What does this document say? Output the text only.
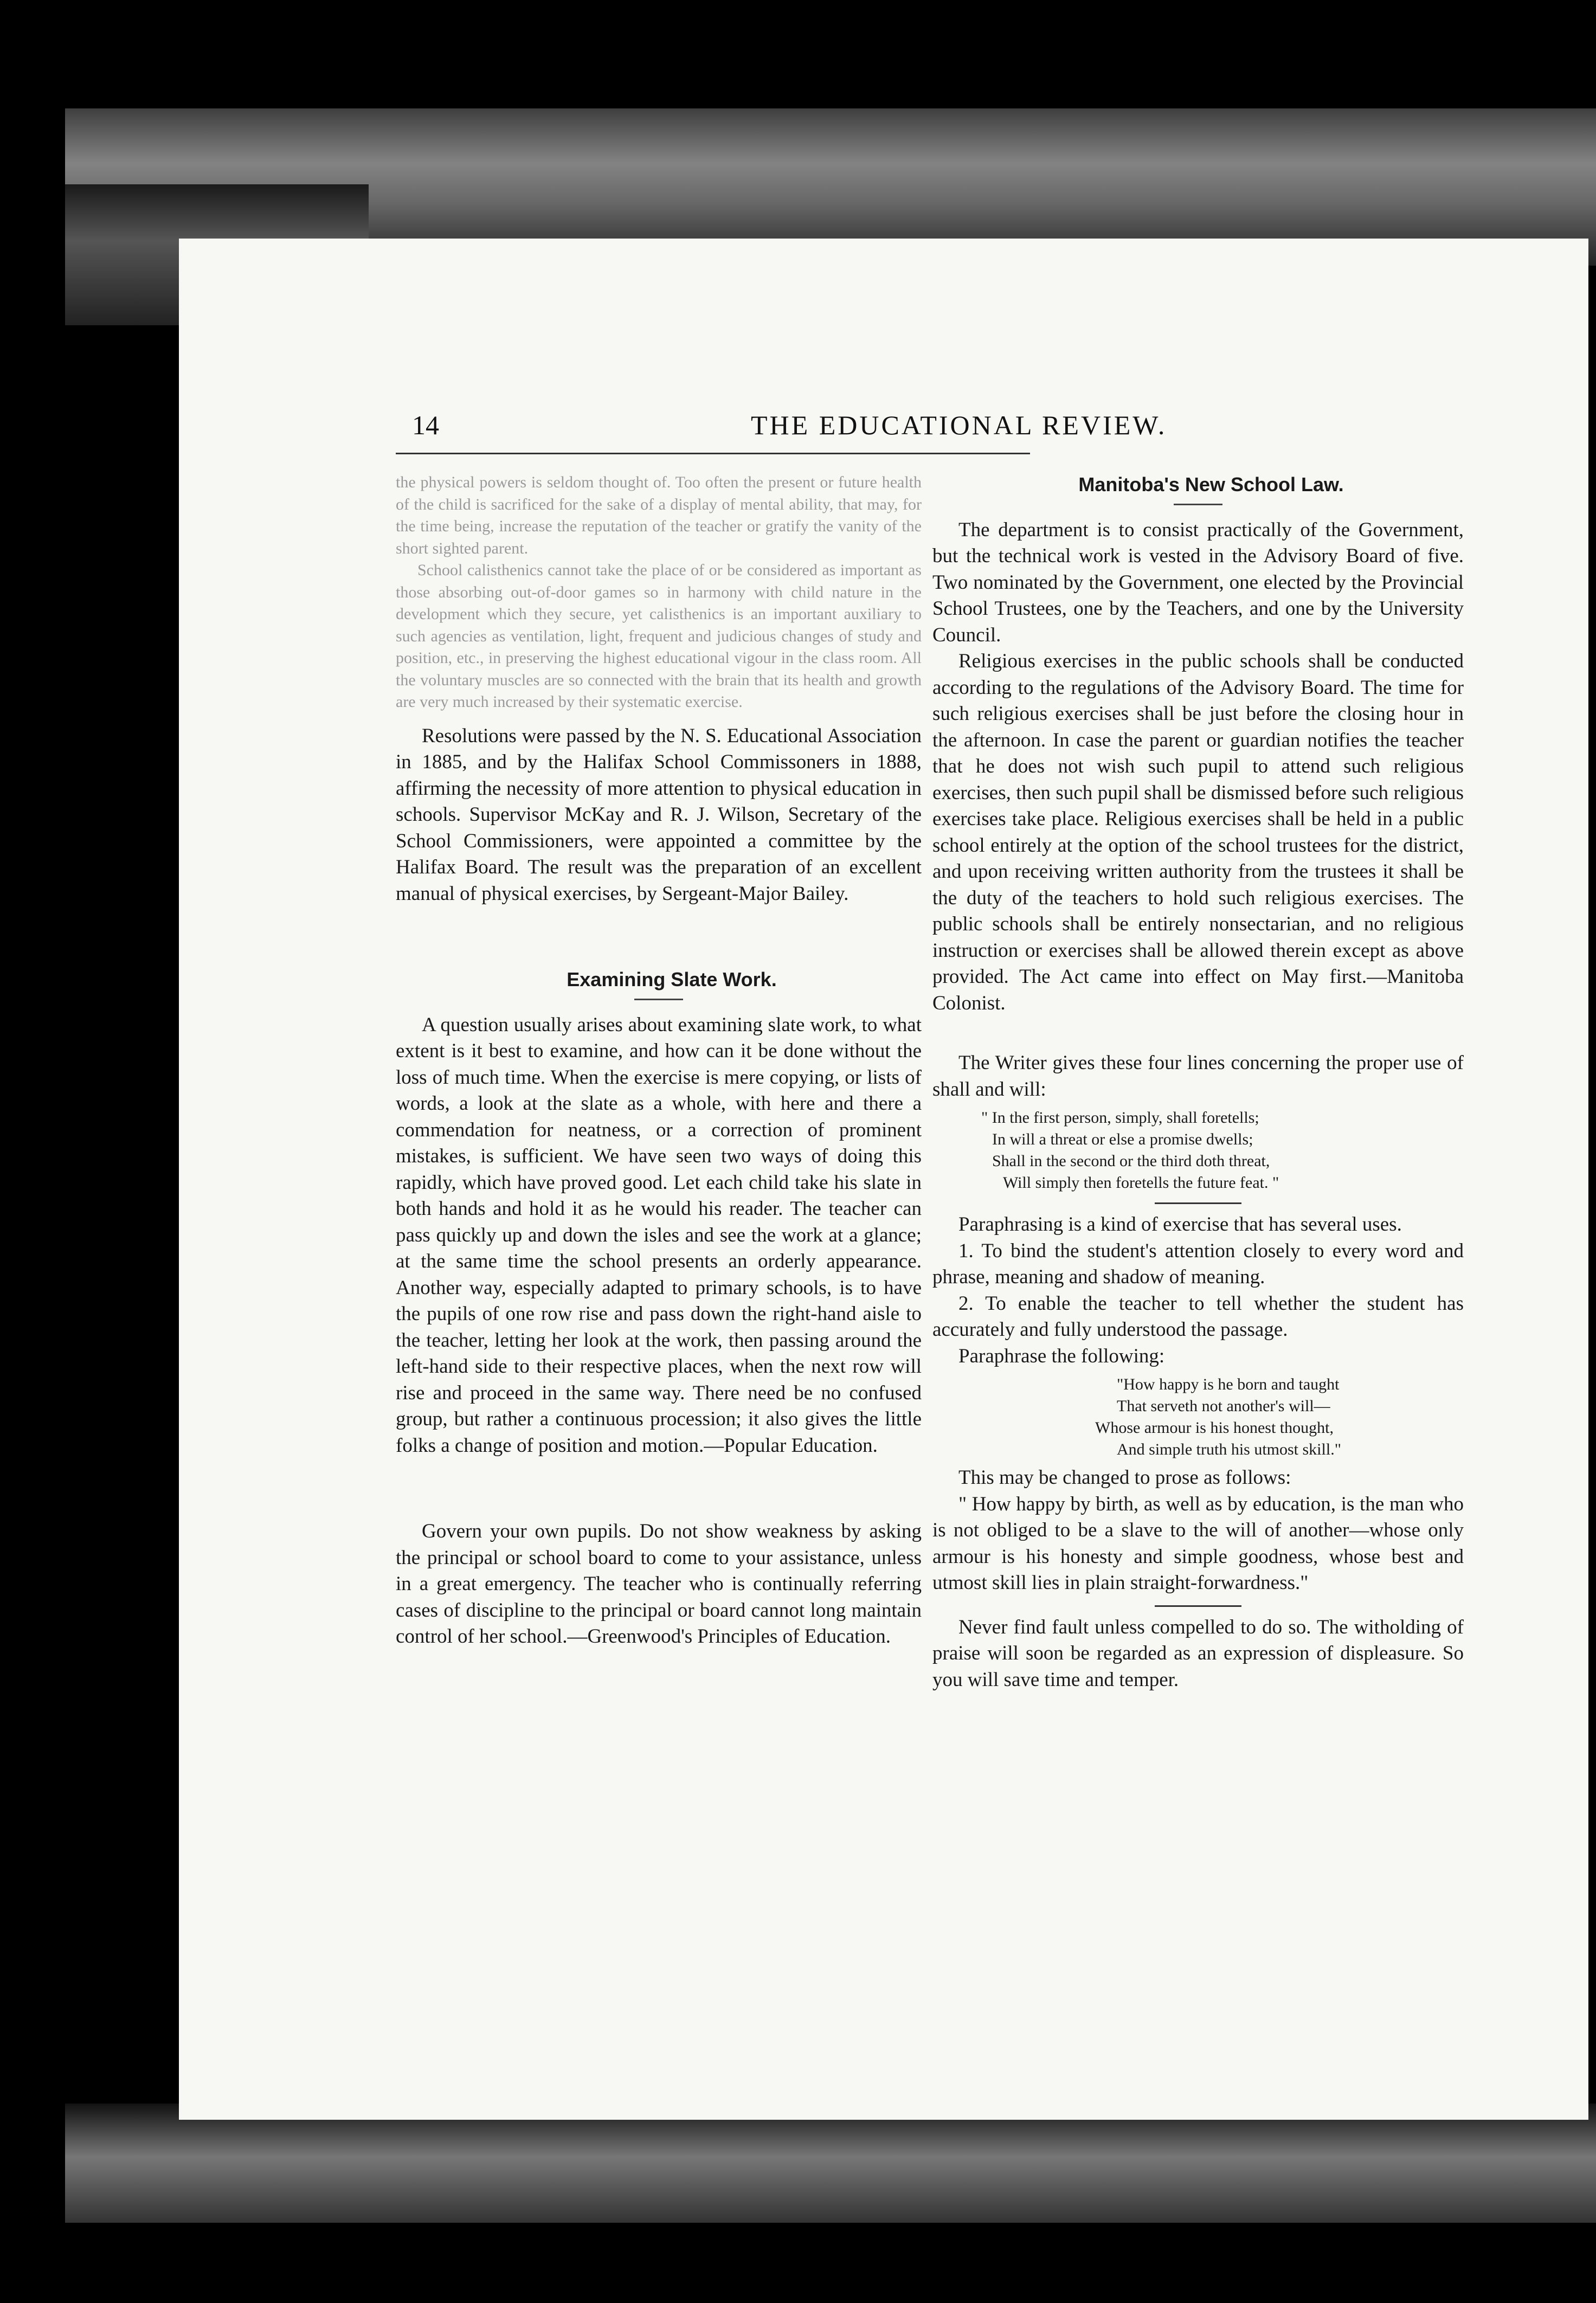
14	THE EDUCATIONAL REVIEW.

the physical powers is seldom thought of. Too often the present or future health of the child is sacrificed for the sake of a display of mental ability, that may, for the time being, increase the reputation of the teacher or gratify the vanity of the short sighted parent.

School calisthenics cannot take the place of or be considered as important as those absorbing out-of-door games so in harmony with child nature in the development which they secure, yet calisthenics is an important auxiliary to such agencies as ventilation, light, frequent and judicious changes of study and position, etc., in preserving the highest educational vigour in the class room. All the voluntary muscles are so connected with the brain that its health and growth are very much increased by their systematic exercise.

Resolutions were passed by the N. S. Educational Association in 1885, and by the Halifax School Commissoners in 1888, affirming the necessity of more attention to physical education in schools. Supervisor McKay and R. J. Wilson, Secretary of the School Commissioners, were appointed a committee by the Halifax Board. The result was the preparation of an excellent manual of physical exercises, by Sergeant-Major Bailey.

Examining Slate Work.

A question usually arises about examining slate work, to what extent is it best to examine, and how can it be done without the loss of much time. When the exercise is mere copying, or lists of words, a look at the slate as a whole, with here and there a commendation for neatness, or a correction of prominent mistakes, is sufficient. We have seen two ways of doing this rapidly, which have proved good. Let each child take his slate in both hands and hold it as he would his reader. The teacher can pass quickly up and down the isles and see the work at a glance; at the same time the school presents an orderly appearance. Another way, especially adapted to primary schools, is to have the pupils of one row rise and pass down the right-hand aisle to the teacher, letting her look at the work, then passing around the left-hand side to their respective places, when the next row will rise and proceed in the same way. There need be no confused group, but rather a continuous procession; it also gives the little folks a change of position and motion.—Popular Education.

Govern your own pupils. Do not show weakness by asking the principal or school board to come to your assistance, unless in a great emergency. The teacher who is continually referring cases of discipline to the principal or board cannot long maintain control of her school.—Greenwood's Principles of Education.

Manitoba's New School Law.

The department is to consist practically of the Government, but the technical work is vested in the Advisory Board of five. Two nominated by the Government, one elected by the Provincial School Trustees, one by the Teachers, and one by the University Council.

Religious exercises in the public schools shall be conducted according to the regulations of the Advisory Board. The time for such religious exercises shall be just before the closing hour in the afternoon. In case the parent or guardian notifies the teacher that he does not wish such pupil to attend such religious exercises, then such pupil shall be dismissed before such religious exercises take place. Religious exercises shall be held in a public school entirely at the option of the school trustees for the district, and upon receiving written authority from the trustees it shall be the duty of the teachers to hold such religious exercises. The public schools shall be entirely nonsectarian, and no religious instruction or exercises shall be allowed therein except as above provided. The Act came into effect on May first.—Manitoba Colonist.

The Writer gives these four lines concerning the proper use of shall and will:

" In the first person, simply, shall foretells;
In will a threat or else a promise dwells;
Shall in the second or the third doth threat,
Will simply then foretells the future feat. "

Paraphrasing is a kind of exercise that has several uses.

1. To bind the student's attention closely to every word and phrase, meaning and shadow of meaning.

2. To enable the teacher to tell whether the student has accurately and fully understood the passage.

Paraphrase the following:

"How happy is he born and taught
That serveth not another's will—
Whose armour is his honest thought,
And simple truth his utmost skill."

This may be changed to prose as follows:

" How happy by birth, as well as by education, is the man who is not obliged to be a slave to the will of another—whose only armour is his honesty and simple goodness, whose best and utmost skill lies in plain straight-forwardness."

Never find fault unless compelled to do so. The witholding of praise will soon be regarded as an expression of displeasure. So you will save time and temper.
